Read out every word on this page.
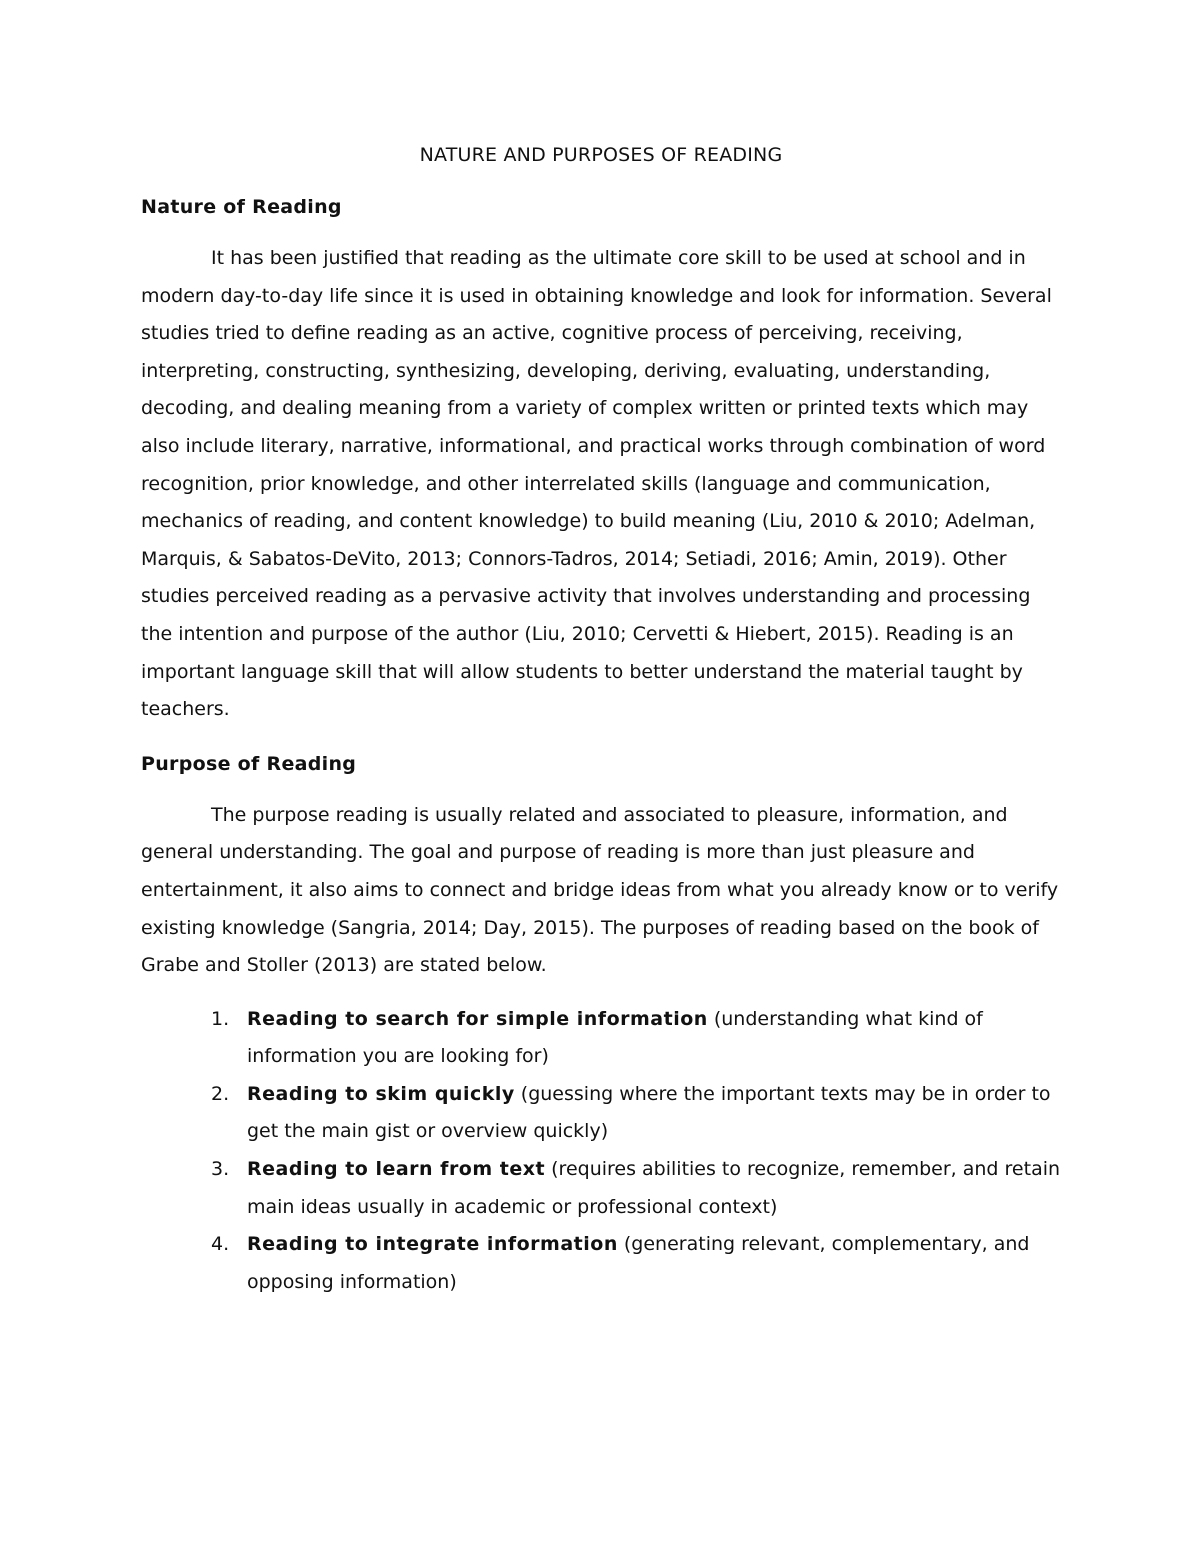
NATURE AND PURPOSES OF READING
Nature of Reading

It has been justified that reading as the ultimate core skill to be used at school and in modern day-to-day life since it is used in obtaining knowledge and look for information. Several studies tried to define reading as an active, cognitive process of perceiving, receiving, interpreting, constructing, synthesizing, developing, deriving, evaluating, understanding, decoding, and dealing meaning from a variety of complex written or printed texts which may also include literary, narrative, informational, and practical works through combination of word recognition, prior knowledge, and other interrelated skills (language and communication, mechanics of reading, and content knowledge) to build meaning (Liu, 2010 & 2010; Adelman, Marquis, & Sabatos-DeVito, 2013; Connors-Tadros, 2014; Setiadi, 2016; Amin, 2019). Other studies perceived reading as a pervasive activity that involves understanding and processing the intention and purpose of the author (Liu, 2010; Cervetti & Hiebert, 2015). Reading is an important language skill that will allow students to better understand the material taught by teachers.

Purpose of Reading

The purpose reading is usually related and associated to pleasure, information, and general understanding. The goal and purpose of reading is more than just pleasure and entertainment, it also aims to connect and bridge ideas from what you already know or to verify existing knowledge (Sangria, 2014; Day, 2015). The purposes of reading based on the book of Grabe and Stoller (2013) are stated below.

1. Reading to search for simple information (understanding what kind of information you are looking for)
2. Reading to skim quickly (guessing where the important texts may be in order to get the main gist or overview quickly)
3. Reading to learn from text (requires abilities to recognize, remember, and retain main ideas usually in academic or professional context)
4. Reading to integrate information (generating relevant, complementary, and opposing information)
